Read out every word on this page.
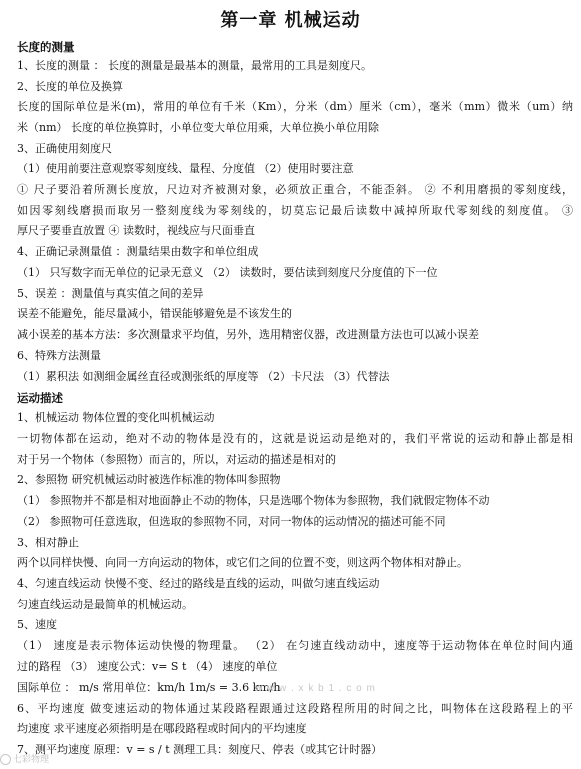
第一章 机械运动
长度的测量
1、长度的测量 ： 长度的测量是最基本的测量，最常用的工具是刻度尺。
2、长度的单位及换算
长度的国际单位是米(m)，常用的单位有千米（Km），分米（dm）厘米（cm），毫米（mm）微米（um）纳
米（nm） 长度的单位换算时，小单位变大单位用乘，大单位换小单位用除
3、正确使用刻度尺
（1）使用前要注意观察零刻度线、量程、分度值 （2）使用时要注意
① 尺子要沿着所测长度放，尺边对齐被测对象，必须放正重合，不能歪斜。 ② 不利用磨损的零刻度线，
如因零刻线磨损而取另一整刻度线为零刻线的，切莫忘记最后读数中减掉所取代零刻线的刻度值。 ③
厚尺子要垂直放置 ④ 读数时，视线应与尺面垂直
4、正确记录测量值 ：测量结果由数字和单位组成
（1） 只写数字而无单位的记录无意义 （2） 读数时，要估读到刻度尺分度值的下一位
5、误差 ：测量值与真实值之间的差异
误差不能避免，能尽量减小，错误能够避免是不该发生的
减小误差的基本方法：多次测量求平均值，另外，选用精密仪器，改进测量方法也可以减小误差
6、特殊方法测量
（1）累积法 如测细金属丝直径或测张纸的厚度等 （2）卡尺法 （3）代替法
运动描述
1、机械运动 物体位置的变化叫机械运动
一切物体都在运动，绝对不动的物体是没有的，这就是说运动是绝对的，我们平常说的运动和静止都是相
对于另一个物体（参照物）而言的，所以，对运动的描述是相对的
2、参照物 研究机械运动时被选作标准的物体叫参照物
（1） 参照物并不都是相对地面静止不动的物体，只是选哪个物体为参照物，我们就假定物体不动
（2） 参照物可任意选取，但选取的参照物不同，对同一物体的运动情况的描述可能不同
3、相对静止
两个以同样快慢、向同一方向运动的物体，或它们之间的位置不变，则这两个物体相对静止。
4、匀速直线运动 快慢不变、经过的路线是直线的运动，叫做匀速直线运动
匀速直线运动是最简单的机械运动。
5、速度
（1） 速度是表示物体运动快慢的物理量。 （2） 在匀速直线动动中，速度等于运动物体在单位时间内通
过的路程 （3） 速度公式：v= S t （4） 速度的单位
国际单位 ： m/s 常用单位：km/h 1m/s = 3.6 km/h
6、平均速度 做变速运动的物体通过某段路程跟通过这段路程所用的时间之比，叫物体在这段路程上的平
均速度 求平速度必须指明是在哪段路程或时间内的平均速度
7、测平均速度 原理：v = s / t 测理工具：刻度尺、停表（或其它计时器）
w w w . x k b 1 . c o m
七彩物理
